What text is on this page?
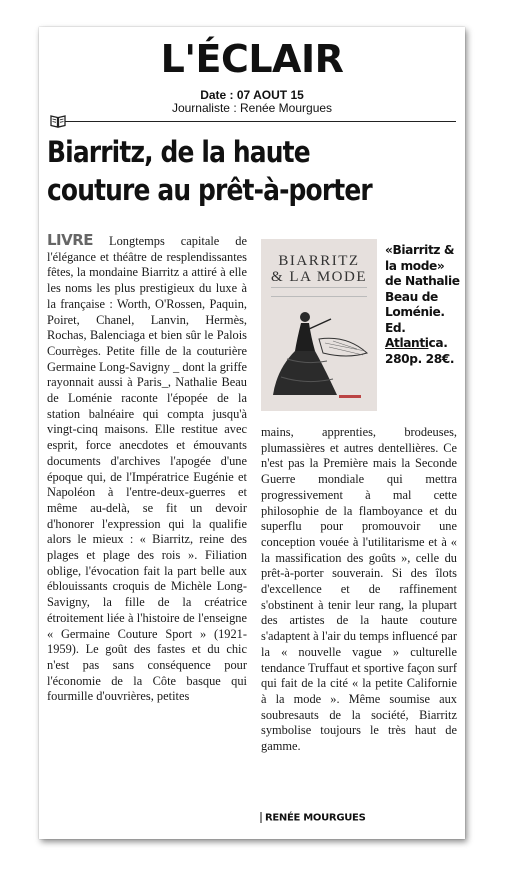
L'ÉCLAIR
Date : 07 AOUT 15
Journaliste : Renée Mourgues
Biarritz, de la haute
couture au prêt-à-porter
LIVRE Longtemps capitale de l'élégance et théâtre de resplendissantes fêtes, la mondaine Biarritz a attiré à elle les noms les plus prestigieux du luxe à la française : Worth, O'Rossen, Paquin, Poiret, Chanel, Lanvin, Hermès, Rochas, Balenciaga et bien sûr le Palois Courrèges. Petite fille de la couturière Germaine Long-Savigny _ dont la griffe rayonnait aussi à Paris_, Nathalie Beau de Loménie raconte l'épopée de la station balnéaire qui compta jusqu'à vingt-cinq maisons. Elle restitue avec esprit, force anecdotes et émouvants documents d'archives l'apogée d'une époque qui, de l'Impératrice Eugénie et Napoléon à l'entre-deux-guerres et même au-delà, se fit un devoir d'honorer l'expression qui la qualifie alors le mieux : « Biarritz, reine des plages et plage des rois ». Filiation oblige, l'évocation fait la part belle aux éblouissants croquis de Michèle Long-Savigny, la fille de la créatrice étroitement liée à l'histoire de l'enseigne « Germaine Couture Sport » (1921-1959). Le goût des fastes et du chic n'est pas sans conséquence pour l'économie de la Côte basque qui fourmille d'ouvrières, petites
BIARRITZ
& LA MODE
«Biarritz & la mode» de Nathalie Beau de Loménie. Ed. Atlantica. 280p. 28€.
mains, apprenties, brodeuses, plumassières et autres dentellières. Ce n'est pas la Première mais la Seconde Guerre mondiale qui mettra progressivement à mal cette philosophie de la flamboyance et du superflu pour promouvoir une conception vouée à l'utilitarisme et à « la massification des goûts », celle du prêt-à-porter souverain. Si des îlots d'excellence et de raffinement s'obstinent à tenir leur rang, la plupart des artistes de la haute couture s'adaptent à l'air du temps influencé par la « nouvelle vague » culturelle tendance Truffaut et sportive façon surf qui fait de la cité « la petite Californie à la mode ». Même soumise aux soubresauts de la société, Biarritz symbolise toujours le très haut de gamme.
RENÉE MOURGUES
